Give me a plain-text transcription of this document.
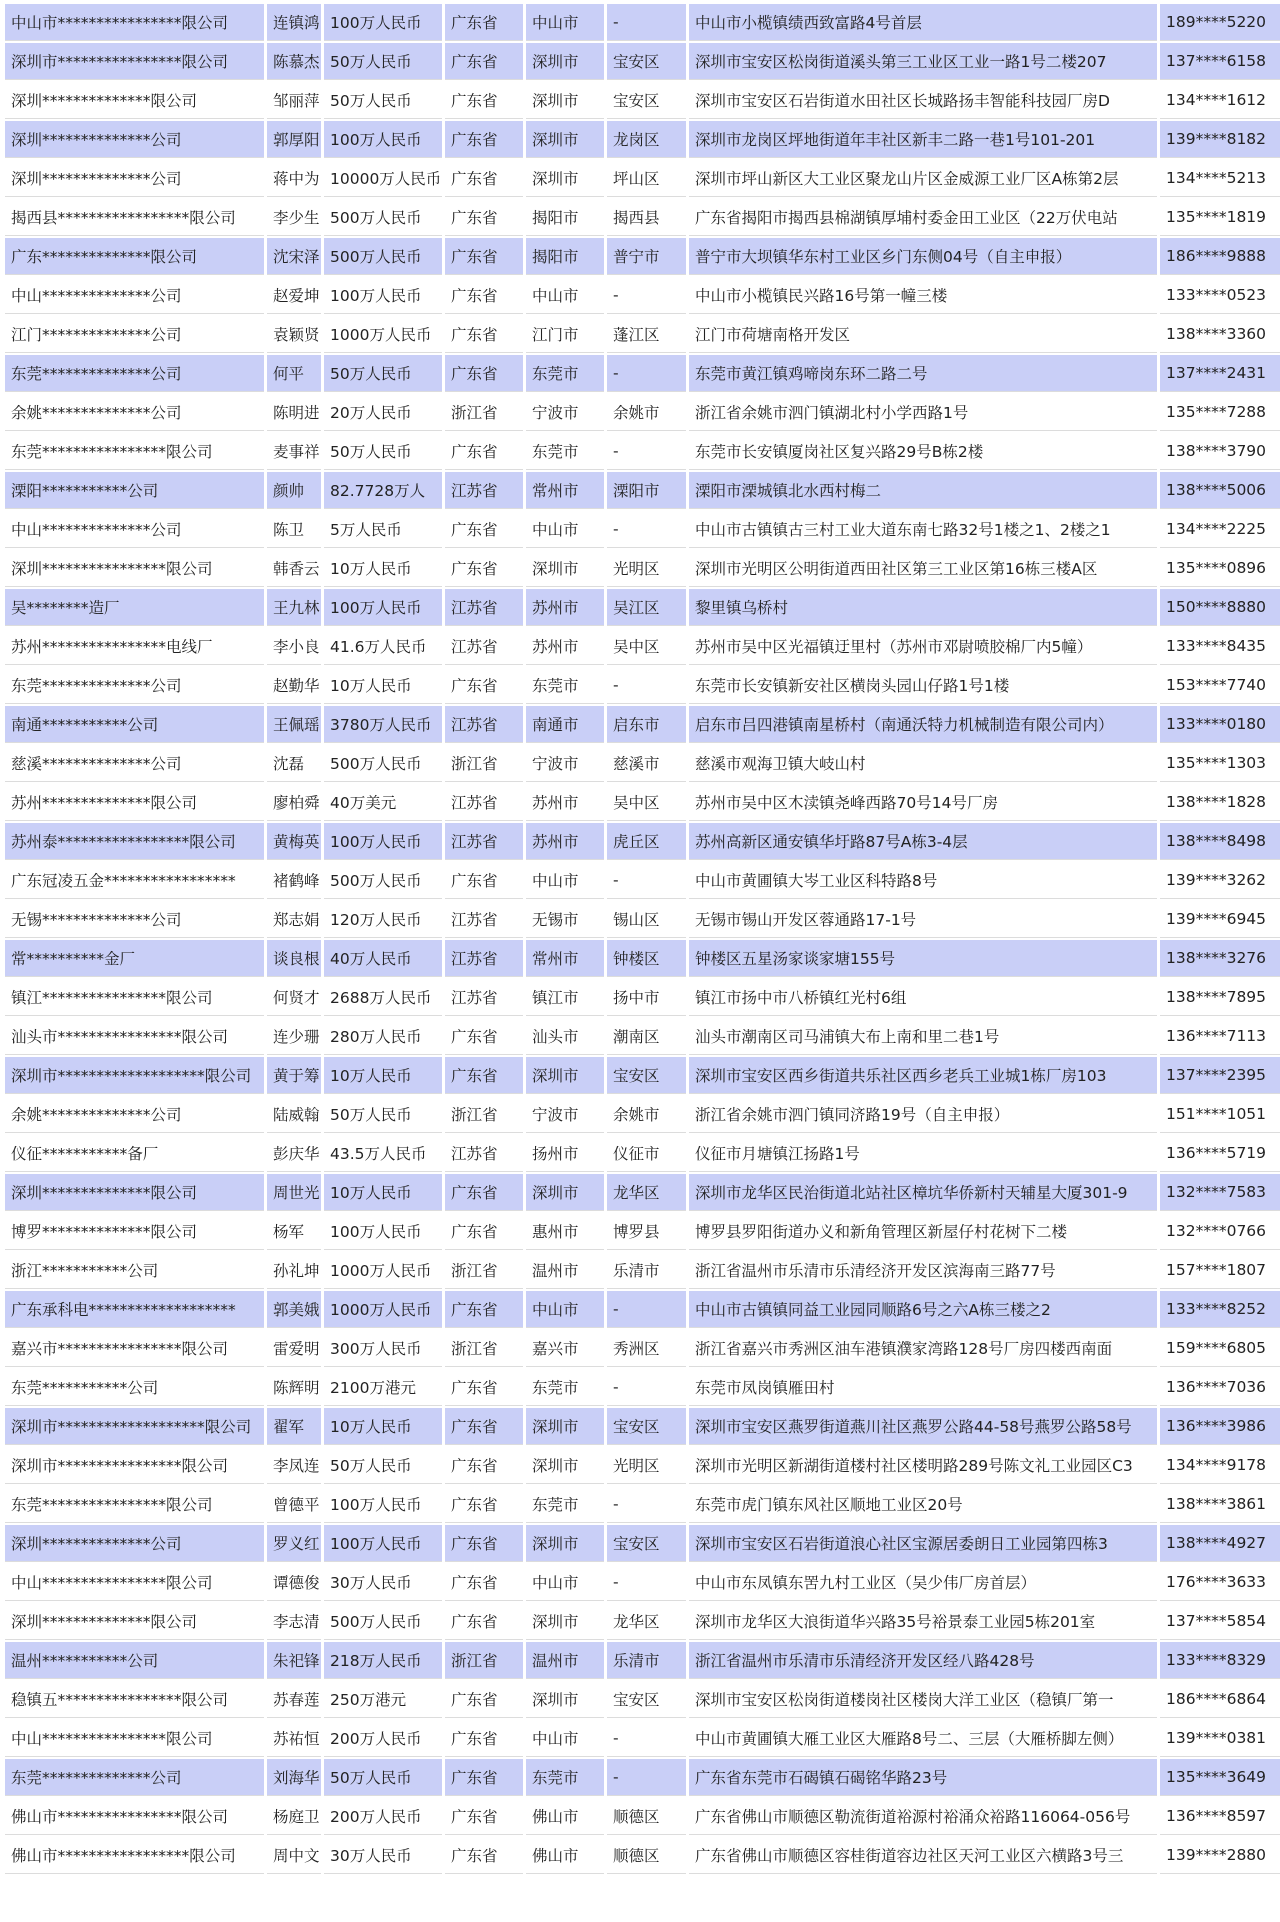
中山市****************限公司	连镇鸿	100万人民币	广东省	中山市	-	中山市小榄镇绩西致富路4号首层	189****5220
深圳市****************限公司	陈慕杰	50万人民币	广东省	深圳市	宝安区	深圳市宝安区松岗街道溪头第三工业区工业一路1号二楼207	137****6158
深圳**************限公司	邹丽萍	50万人民币	广东省	深圳市	宝安区	深圳市宝安区石岩街道水田社区长城路扬丰智能科技园厂房D	134****1612
深圳**************公司	郭厚阳	100万人民币	广东省	深圳市	龙岗区	深圳市龙岗区坪地街道年丰社区新丰二路一巷1号101-201	139****8182
深圳**************公司	蒋中为	10000万人民币	广东省	深圳市	坪山区	深圳市坪山新区大工业区聚龙山片区金威源工业厂区A栋第2层	134****5213
揭西县*****************限公司	李少生	500万人民币	广东省	揭阳市	揭西县	广东省揭阳市揭西县棉湖镇厚埔村委金田工业区（22万伏电站	135****1819
广东**************限公司	沈宋泽	500万人民币	广东省	揭阳市	普宁市	普宁市大坝镇华东村工业区乡门东侧04号（自主申报）	186****9888
中山**************公司	赵爱坤	100万人民币	广东省	中山市	-	中山市小榄镇民兴路16号第一幢三楼	133****0523
江门**************公司	袁颖贤	1000万人民币	广东省	江门市	蓬江区	江门市荷塘南格开发区	138****3360
东莞**************公司	何平	50万人民币	广东省	东莞市	-	东莞市黄江镇鸡啼岗东环二路二号	137****2431
余姚**************公司	陈明进	20万人民币	浙江省	宁波市	余姚市	浙江省余姚市泗门镇湖北村小学西路1号	135****7288
东莞****************限公司	麦事祥	50万人民币	广东省	东莞市	-	东莞市长安镇厦岗社区复兴路29号B栋2楼	138****3790
溧阳***********公司	颜帅	82.7728万人	江苏省	常州市	溧阳市	溧阳市溧城镇北水西村梅二	138****5006
中山**************公司	陈卫	5万人民币	广东省	中山市	-	中山市古镇镇古三村工业大道东南七路32号1楼之1、2楼之1	134****2225
深圳****************限公司	韩香云	10万人民币	广东省	深圳市	光明区	深圳市光明区公明街道西田社区第三工业区第16栋三楼A区	135****0896
吴********造厂	王九林	100万人民币	江苏省	苏州市	吴江区	黎里镇乌桥村	150****8880
苏州****************电线厂	李小良	41.6万人民币	江苏省	苏州市	吴中区	苏州市吴中区光福镇迂里村（苏州市邓尉喷胶棉厂内5幢）	133****8435
东莞**************公司	赵勤华	10万人民币	广东省	东莞市	-	东莞市长安镇新安社区横岗头园山仔路1号1楼	153****7740
南通***********公司	王佩瑶	3780万人民币	江苏省	南通市	启东市	启东市吕四港镇南星桥村（南通沃特力机械制造有限公司内）	133****0180
慈溪**************公司	沈磊	500万人民币	浙江省	宁波市	慈溪市	慈溪市观海卫镇大岐山村	135****1303
苏州**************限公司	廖柏舜	40万美元	江苏省	苏州市	吴中区	苏州市吴中区木渎镇尧峰西路70号14号厂房	138****1828
苏州泰*****************限公司	黄梅英	100万人民币	江苏省	苏州市	虎丘区	苏州高新区通安镇华圩路87号A栋3-4层	138****8498
广东冠凌五金*****************	褚鹤峰	500万人民币	广东省	中山市	-	中山市黄圃镇大岑工业区科特路8号	139****3262
无锡**************公司	郑志娟	120万人民币	江苏省	无锡市	锡山区	无锡市锡山开发区蓉通路17-1号	139****6945
常**********金厂	谈良根	40万人民币	江苏省	常州市	钟楼区	钟楼区五星汤家谈家塘155号	138****3276
镇江****************限公司	何贤才	2688万人民币	江苏省	镇江市	扬中市	镇江市扬中市八桥镇红光村6组	138****7895
汕头市****************限公司	连少珊	280万人民币	广东省	汕头市	潮南区	汕头市潮南区司马浦镇大布上南和里二巷1号	136****7113
深圳市*******************限公司	黄于筹	10万人民币	广东省	深圳市	宝安区	深圳市宝安区西乡街道共乐社区西乡老兵工业城1栋厂房103	137****2395
余姚**************公司	陆威翰	50万人民币	浙江省	宁波市	余姚市	浙江省余姚市泗门镇同济路19号（自主申报）	151****1051
仪征***********备厂	彭庆华	43.5万人民币	江苏省	扬州市	仪征市	仪征市月塘镇江扬路1号	136****5719
深圳**************限公司	周世光	10万人民币	广东省	深圳市	龙华区	深圳市龙华区民治街道北站社区樟坑华侨新村天辅星大厦301-9	132****7583
博罗**************限公司	杨军	100万人民币	广东省	惠州市	博罗县	博罗县罗阳街道办义和新角管理区新屋仔村花树下二楼	132****0766
浙江***********公司	孙礼坤	1000万人民币	浙江省	温州市	乐清市	浙江省温州市乐清市乐清经济开发区滨海南三路77号	157****1807
广东承科电*******************	郭美娥	1000万人民币	广东省	中山市	-	中山市古镇镇同益工业园同顺路6号之六A栋三楼之2	133****8252
嘉兴市****************限公司	雷爱明	300万人民币	浙江省	嘉兴市	秀洲区	浙江省嘉兴市秀洲区油车港镇濮家湾路128号厂房四楼西南面	159****6805
东莞***********公司	陈辉明	2100万港元	广东省	东莞市	-	东莞市凤岗镇雁田村	136****7036
深圳市*******************限公司	翟军	10万人民币	广东省	深圳市	宝安区	深圳市宝安区燕罗街道燕川社区燕罗公路44-58号燕罗公路58号	136****3986
深圳市****************限公司	李凤连	50万人民币	广东省	深圳市	光明区	深圳市光明区新湖街道楼村社区楼明路289号陈文礼工业园区C3	134****9178
东莞****************限公司	曾德平	100万人民币	广东省	东莞市	-	东莞市虎门镇东风社区顺地工业区20号	138****3861
深圳**************公司	罗义红	100万人民币	广东省	深圳市	宝安区	深圳市宝安区石岩街道浪心社区宝源居委朗日工业园第四栋3	138****4927
中山****************限公司	谭德俊	30万人民币	广东省	中山市	-	中山市东凤镇东罟九村工业区（吴少伟厂房首层）	176****3633
深圳**************限公司	李志清	500万人民币	广东省	深圳市	龙华区	深圳市龙华区大浪街道华兴路35号裕景泰工业园5栋201室	137****5854
温州***********公司	朱祀锋	218万人民币	浙江省	温州市	乐清市	浙江省温州市乐清市乐清经济开发区经八路428号	133****8329
稳镇五****************限公司	苏春莲	250万港元	广东省	深圳市	宝安区	深圳市宝安区松岗街道楼岗社区楼岗大洋工业区（稳镇厂第一	186****6864
中山****************限公司	苏祐恒	200万人民币	广东省	中山市	-	中山市黄圃镇大雁工业区大雁路8号二、三层（大雁桥脚左侧）	139****0381
东莞**************公司	刘海华	50万人民币	广东省	东莞市	-	广东省东莞市石碣镇石碣铭华路23号	135****3649
佛山市****************限公司	杨庭卫	200万人民币	广东省	佛山市	顺德区	广东省佛山市顺德区勒流街道裕源村裕涌众裕路116064-056号	136****8597
佛山市*****************限公司	周中文	30万人民币	广东省	佛山市	顺德区	广东省佛山市顺德区容桂街道容边社区天河工业区六横路3号三	139****2880
